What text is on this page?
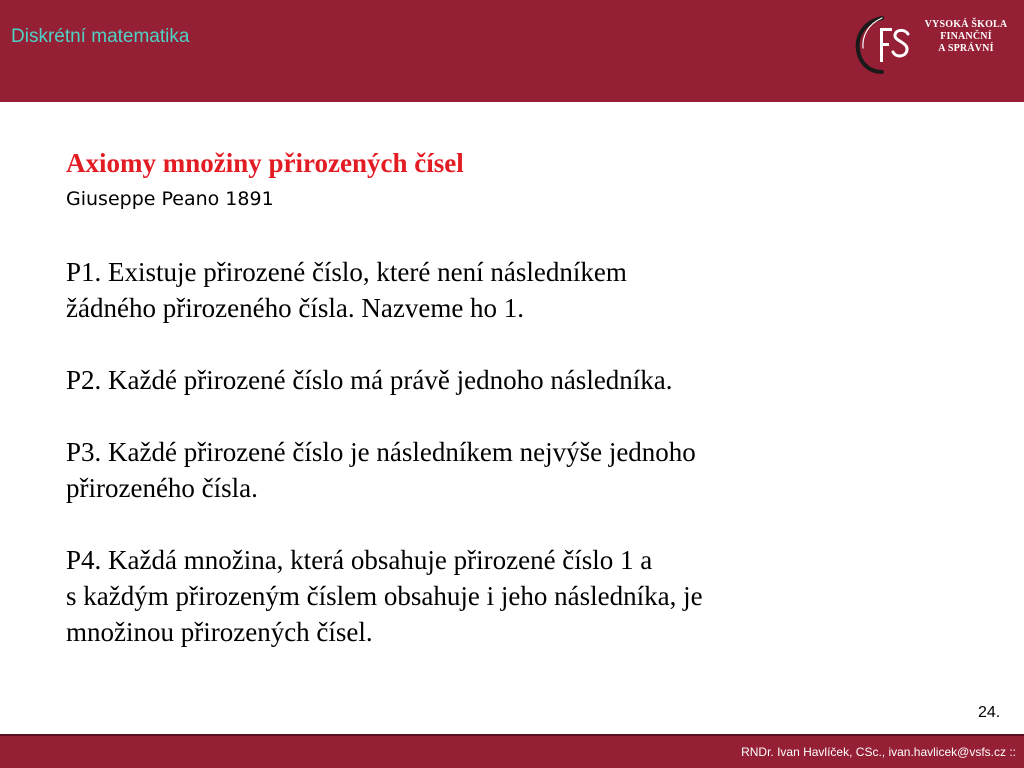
Diskrétní matematika
VYSOKÁ ŠKOLA
FINANČNÍ
A SPRÁVNÍ
Axiomy množiny přirozených čísel
Giuseppe Peano 1891

P1. Existuje přirozené číslo, které není následníkem
žádného přirozeného čísla. Nazveme ho 1.

P2. Každé přirozené číslo má právě jednoho následníka.

P3. Každé přirozené číslo je následníkem nejvýše jednoho
přirozeného čísla.

P4. Každá množina, která obsahuje přirozené číslo 1 a
s každým přirozeným číslem obsahuje i jeho následníka, je
množinou přirozených čísel.

24.
RNDr. Ivan Havlíček, CSc., ivan.havlicek@vsfs.cz ::
